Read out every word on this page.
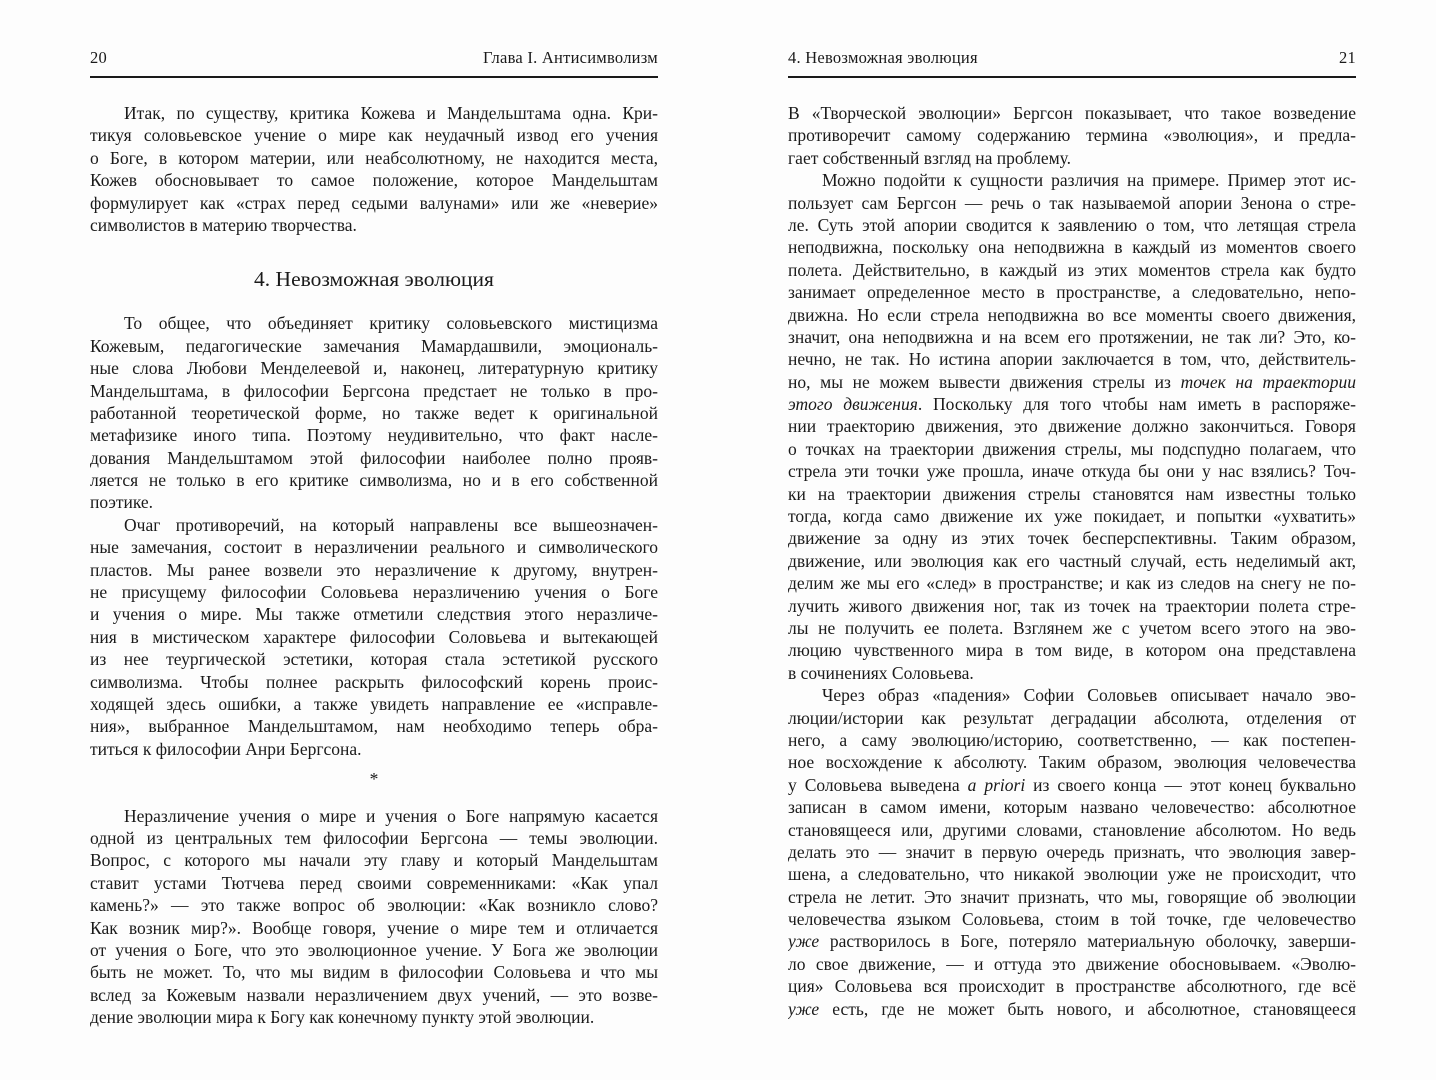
20	Глава I. Антисимволизм
Итак, по существу, критика Кожева и Мандельштама одна. Кри-
тикуя соловьевское учение о мире как неудачный извод его учения
о Боге, в котором материи, или неабсолютному, не находится места,
Кожев обосновывает то самое положение, которое Мандельштам
формулирует как «страх перед седыми валунами» или же «неверие»
символистов в материю творчества.
4. Невозможная эволюция
То общее, что объединяет критику соловьевского мистицизма
Кожевым, педагогические замечания Мамардашвили, эмоциональ-
ные слова Любови Менделеевой и, наконец, литературную критику
Мандельштама, в философии Бергсона предстает не только в про-
работанной теоретической форме, но также ведет к оригинальной
метафизике иного типа. Поэтому неудивительно, что факт насле-
дования Мандельштамом этой философии наиболее полно прояв-
ляется не только в его критике символизма, но и в его собственной
поэтике.
Очаг противоречий, на который направлены все вышеозначен-
ные замечания, состоит в неразличении реального и символического
пластов. Мы ранее возвели это неразличение к другому, внутрен-
не присущему философии Соловьева неразличению учения о Боге
и учения о мире. Мы также отметили следствия этого неразличе-
ния в мистическом характере философии Соловьева и вытекающей
из нее теургической эстетики, которая стала эстетикой русского
символизма. Чтобы полнее раскрыть философский корень проис-
ходящей здесь ошибки, а также увидеть направление ее «исправле-
ния», выбранное Мандельштамом, нам необходимо теперь обра-
титься к философии Анри Бергсона.
*
Неразличение учения о мире и учения о Боге напрямую касается
одной из центральных тем философии Бергсона — темы эволюции.
Вопрос, с которого мы начали эту главу и который Мандельштам
ставит устами Тютчева перед своими современниками: «Как упал
камень?» — это также вопрос об эволюции: «Как возникло слово?
Как возник мир?». Вообще говоря, учение о мире тем и отличается
от учения о Боге, что это эволюционное учение. У Бога же эволюции
быть не может. То, что мы видим в философии Соловьева и что мы
вслед за Кожевым назвали неразличением двух учений, — это возве-
дение эволюции мира к Богу как конечному пункту этой эволюции.
4. Невозможная эволюция	21
В «Творческой эволюции» Бергсон показывает, что такое возведение
противоречит самому содержанию термина «эволюция», и предла-
гает собственный взгляд на проблему.
Можно подойти к сущности различия на примере. Пример этот ис-
пользует сам Бергсон — речь о так называемой апории Зенона о стре-
ле. Суть этой апории сводится к заявлению о том, что летящая стрела
неподвижна, поскольку она неподвижна в каждый из моментов своего
полета. Действительно, в каждый из этих моментов стрела как будто
занимает определенное место в пространстве, а следовательно, непо-
движна. Но если стрела неподвижна во все моменты своего движения,
значит, она неподвижна и на всем его протяжении, не так ли? Это, ко-
нечно, не так. Но истина апории заключается в том, что, действитель-
но, мы не можем вывести движения стрелы из точек на траектории
этого движения. Поскольку для того чтобы нам иметь в распоряже-
нии траекторию движения, это движение должно закончиться. Говоря
о точках на траектории движения стрелы, мы подспудно полагаем, что
стрела эти точки уже прошла, иначе откуда бы они у нас взялись? Точ-
ки на траектории движения стрелы становятся нам известны только
тогда, когда само движение их уже покидает, и попытки «ухватить»
движение за одну из этих точек бесперспективны. Таким образом,
движение, или эволюция как его частный случай, есть неделимый акт,
делим же мы его «след» в пространстве; и как из следов на снегу не по-
лучить живого движения ног, так из точек на траектории полета стре-
лы не получить ее полета. Взглянем же с учетом всего этого на эво-
люцию чувственного мира в том виде, в котором она представлена
в сочинениях Соловьева.
Через образ «падения» Софии Соловьев описывает начало эво-
люции/истории как результат деградации абсолюта, отделения от
него, а саму эволюцию/историю, соответственно, — как постепен-
ное восхождение к абсолюту. Таким образом, эволюция человечества
у Соловьева выведена a priori из своего конца — этот конец буквально
записан в самом имени, которым названо человечество: абсолютное
становящееся или, другими словами, становление абсолютом. Но ведь
делать это — значит в первую очередь признать, что эволюция завер-
шена, а следовательно, что никакой эволюции уже не происходит, что
стрела не летит. Это значит признать, что мы, говорящие об эволюции
человечества языком Соловьева, стоим в той точке, где человечество
уже растворилось в Боге, потеряло материальную оболочку, заверши-
ло свое движение, — и оттуда это движение обосновываем. «Эволю-
ция» Соловьева вся происходит в пространстве абсолютного, где всё
уже есть, где не может быть нового, и абсолютное, становящееся
